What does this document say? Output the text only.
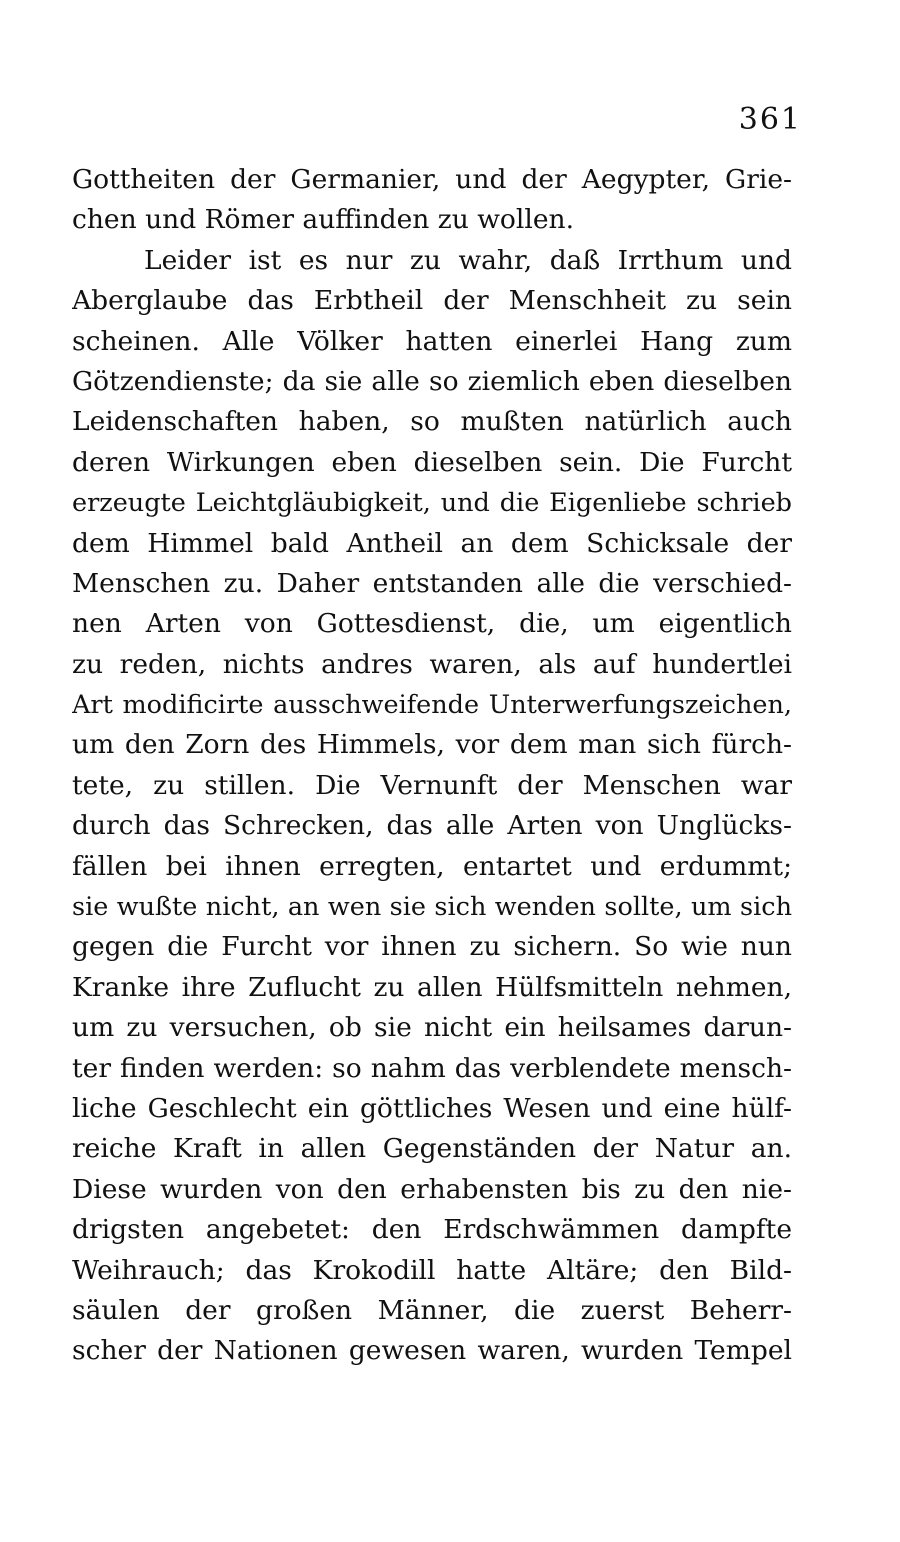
361
Gottheiten der Germanier, und der Aegypter, Grie-
chen und Römer auffinden zu wollen.
Leider ist es nur zu wahr, daß Irrthum und
Aberglaube das Erbtheil der Menschheit zu sein
scheinen. Alle Völker hatten einerlei Hang zum
Götzendienste; da sie alle so ziemlich eben dieselben
Leidenschaften haben, so mußten natürlich auch
deren Wirkungen eben dieselben sein. Die Furcht
erzeugte Leichtgläubigkeit, und die Eigenliebe schrieb
dem Himmel bald Antheil an dem Schicksale der
Menschen zu. Daher entstanden alle die verschied-
nen Arten von Gottesdienst, die, um eigentlich
zu reden, nichts andres waren, als auf hundertlei
Art modificirte ausschweifende Unterwerfungszeichen,
um den Zorn des Himmels, vor dem man sich fürch-
tete, zu stillen. Die Vernunft der Menschen war
durch das Schrecken, das alle Arten von Unglücks-
fällen bei ihnen erregten, entartet und erdummt;
sie wußte nicht, an wen sie sich wenden sollte, um sich
gegen die Furcht vor ihnen zu sichern. So wie nun
Kranke ihre Zuflucht zu allen Hülfsmitteln nehmen,
um zu versuchen, ob sie nicht ein heilsames darun-
ter finden werden: so nahm das verblendete mensch-
liche Geschlecht ein göttliches Wesen und eine hülf-
reiche Kraft in allen Gegenständen der Natur an.
Diese wurden von den erhabensten bis zu den nie-
drigsten angebetet: den Erdschwämmen dampfte
Weihrauch; das Krokodill hatte Altäre; den Bild-
säulen der großen Männer, die zuerst Beherr-
scher der Nationen gewesen waren, wurden Tempel
